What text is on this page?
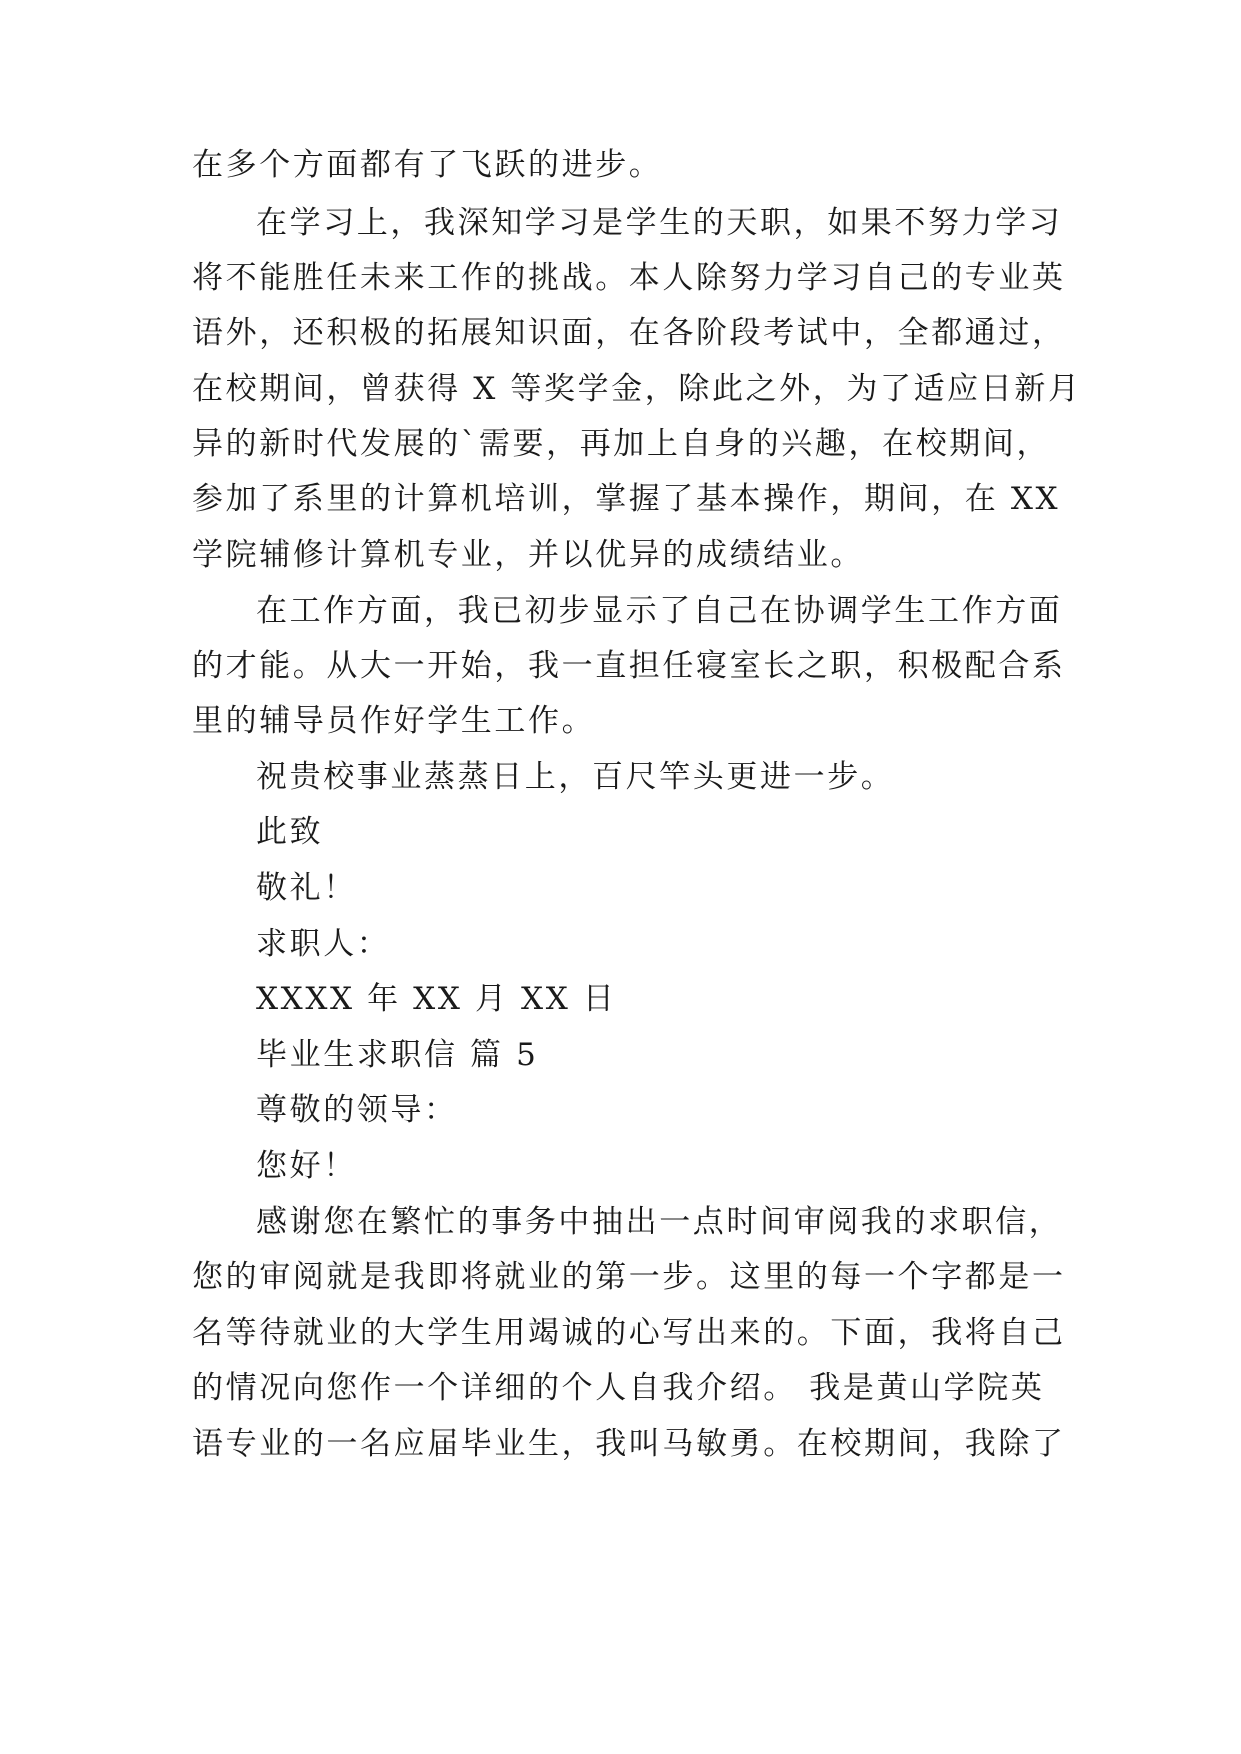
在多个方面都有了飞跃的进步。
在学习上，我深知学习是学生的天职，如果不努力学习
将不能胜任未来工作的挑战。本人除努力学习自己的专业英
语外，还积极的拓展知识面，在各阶段考试中，全都通过，
在校期间，曾获得 X 等奖学金，除此之外，为了适应日新月
异的新时代发展的`需要，再加上自身的兴趣，在校期间，
参加了系里的计算机培训，掌握了基本操作，期间，在 XX
学院辅修计算机专业，并以优异的成绩结业。
在工作方面，我已初步显示了自己在协调学生工作方面
的才能。从大一开始，我一直担任寝室长之职，积极配合系
里的辅导员作好学生工作。
祝贵校事业蒸蒸日上，百尺竿头更进一步。
此致
敬礼！
求职人：
XXXX 年 XX 月 XX 日
毕业生求职信 篇 5
尊敬的领导：
您好！
感谢您在繁忙的事务中抽出一点时间审阅我的求职信，
您的审阅就是我即将就业的第一步。这里的每一个字都是一
名等待就业的大学生用竭诚的心写出来的。下面，我将自己
的情况向您作一个详细的个人自我介绍。 我是黄山学院英
语专业的一名应届毕业生，我叫马敏勇。在校期间，我除了
